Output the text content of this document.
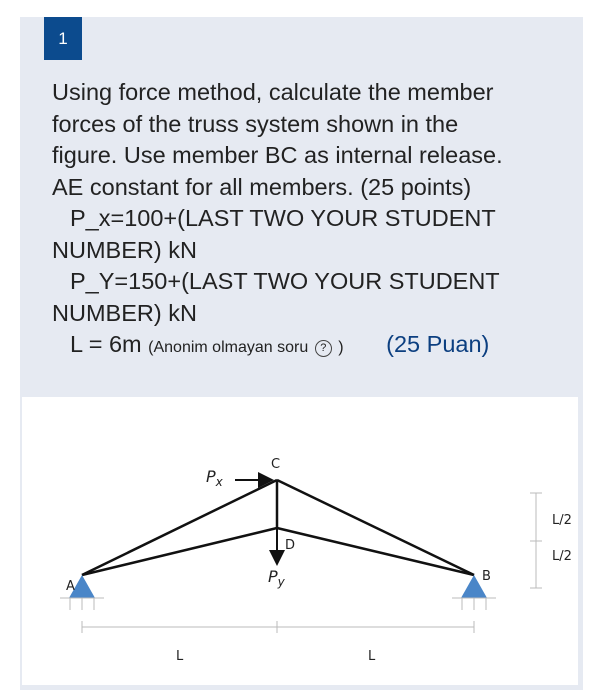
1
Using force method, calculate the member
forces of the truss system shown in the
figure. Use member BC as internal release.
AE constant for all members. (25 points)
P_x=100+(LAST TWO YOUR STUDENT
NUMBER) kN
P_Y=150+(LAST TWO YOUR STUDENT
NUMBER) kN
L = 6m (Anonim olmayan soru ? ) (25 Puan)
A
B
C
D
L	L
L/2
L/2
$P_x$
$P_y$
